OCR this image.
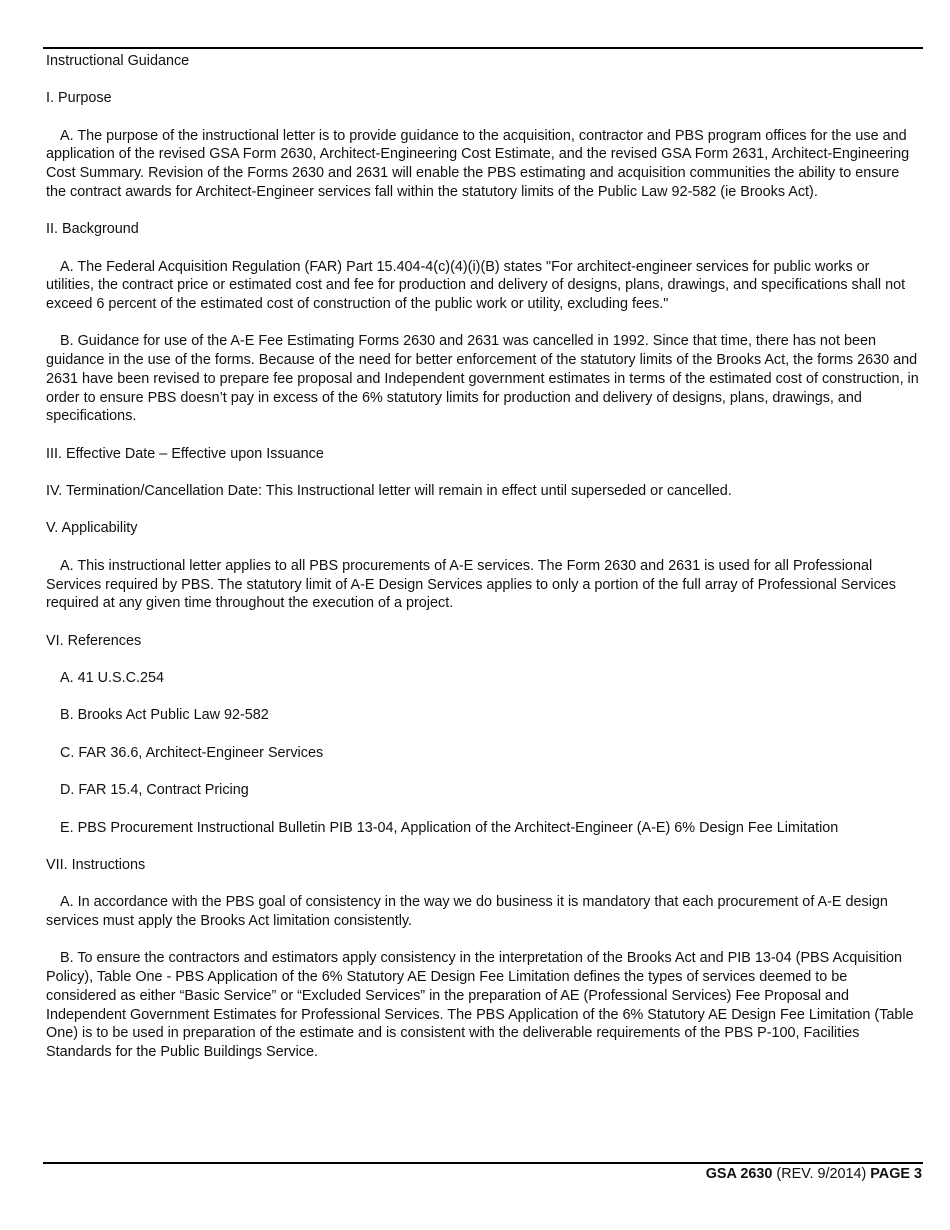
Instructional Guidance

I. Purpose

A. The purpose of the instructional letter is to provide guidance to the acquisition, contractor and PBS program offices for the use and application of the revised GSA Form 2630, Architect-Engineering Cost Estimate, and the revised GSA Form 2631, Architect-Engineering Cost Summary. Revision of the Forms 2630 and 2631 will enable the PBS estimating and acquisition communities the ability to ensure the contract awards for Architect-Engineer services fall within the statutory limits of the Public Law 92-582 (ie Brooks Act).

II. Background

A. The Federal Acquisition Regulation (FAR) Part 15.404-4(c)(4)(i)(B) states "For architect-engineer services for public works or utilities, the contract price or estimated cost and fee for production and delivery of designs, plans, drawings, and specifications shall not exceed 6 percent of the estimated cost of construction of the public work or utility, excluding fees."

B. Guidance for use of the A-E Fee Estimating Forms 2630 and 2631 was cancelled in 1992. Since that time, there has not been guidance in the use of the forms. Because of the need for better enforcement of the statutory limits of the Brooks Act, the forms 2630 and 2631 have been revised to prepare fee proposal and Independent government estimates in terms of the estimated cost of construction, in order to ensure PBS doesn’t pay in excess of the 6% statutory limits for production and delivery of designs, plans, drawings, and specifications.

III. Effective Date – Effective upon Issuance

IV. Termination/Cancellation Date: This Instructional letter will remain in effect until superseded or cancelled.

V. Applicability

A. This instructional letter applies to all PBS procurements of A-E services. The Form 2630 and 2631 is used for all Professional Services required by PBS. The statutory limit of A-E Design Services applies to only a portion of the full array of Professional Services required at any given time throughout the execution of a project.

VI. References

A. 41 U.S.C.254

B. Brooks Act Public Law 92-582

C. FAR 36.6, Architect-Engineer Services

D. FAR 15.4, Contract Pricing

E. PBS Procurement Instructional Bulletin PIB 13-04, Application of the Architect-Engineer (A-E) 6% Design Fee Limitation

VII. Instructions

A. In accordance with the PBS goal of consistency in the way we do business it is mandatory that each procurement of A-E design services must apply the Brooks Act limitation consistently.

B. To ensure the contractors and estimators apply consistency in the interpretation of the Brooks Act and PIB 13-04 (PBS Acquisition Policy), Table One - PBS Application of the 6% Statutory AE Design Fee Limitation defines the types of services deemed to be considered as either “Basic Service” or “Excluded Services” in the preparation of AE (Professional Services) Fee Proposal and Independent Government Estimates for Professional Services. The PBS Application of the 6% Statutory AE Design Fee Limitation (Table One) is to be used in preparation of the estimate and is consistent with the deliverable requirements of the PBS P-100, Facilities Standards for the Public Buildings Service.

GSA 2630 (REV. 9/2014) PAGE 3
